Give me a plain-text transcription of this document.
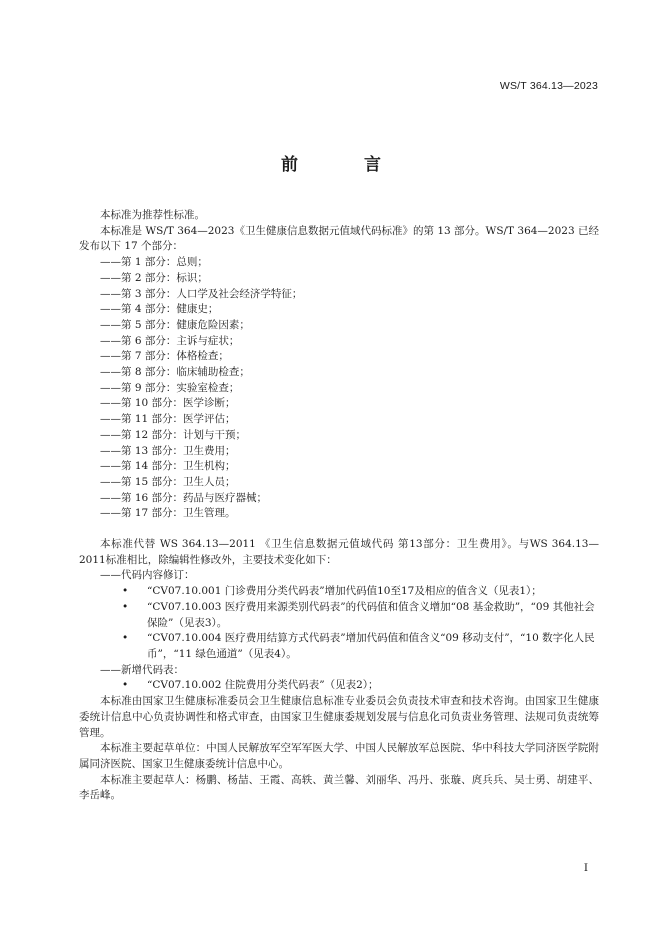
WS/T 364.13—2023
前 言

本标准为推荐性标准。

本标准是 WS/T 364—2023《卫生健康信息数据元值域代码标准》的第 13 部分。WS/T 364—2023 已经发布以下 17 个部分：

——第 1 部分：总则；

——第 2 部分：标识；

——第 3 部分：人口学及社会经济学特征；

——第 4 部分：健康史；

——第 5 部分：健康危险因素；

——第 6 部分：主诉与症状；

——第 7 部分：体格检查；

——第 8 部分：临床辅助检查；

——第 9 部分：实验室检查；

——第 10 部分：医学诊断；

——第 11 部分：医学评估；

——第 12 部分：计划与干预；

——第 13 部分：卫生费用；

——第 14 部分：卫生机构；

——第 15 部分：卫生人员；

——第 16 部分：药品与医疗器械；

——第 17 部分：卫生管理。

本标准代替 WS 364.13—2011 《卫生信息数据元值域代码 第13部分：卫生费用》。与WS 364.13—2011标准相比，除编辑性修改外，主要技术变化如下：

——代码内容修订：

• “CV07.10.001 门诊费用分类代码表”增加代码值10至17及相应的值含义（见表1）；

• “CV07.10.003 医疗费用来源类别代码表”的代码值和值含义增加“08 基金救助”，“09 其他社会保险”（见表3）。

• “CV07.10.004 医疗费用结算方式代码表”增加代码值和值含义“09 移动支付”，“10 数字化人民币”，“11 绿色通道”（见表4）。

——新增代码表：

• “CV07.10.002 住院费用分类代码表”（见表2）；

本标准由国家卫生健康标准委员会卫生健康信息标准专业委员会负责技术审查和技术咨询。由国家卫生健康委统计信息中心负责协调性和格式审查，由国家卫生健康委规划发展与信息化司负责业务管理、法规司负责统筹管理。

本标准主要起草单位：中国人民解放军空军军医大学、中国人民解放军总医院、华中科技大学同济医学院附属同济医院、国家卫生健康委统计信息中心。

本标准主要起草人：杨鹏、杨喆、王霞、高轶、黄兰馨、刘丽华、冯丹、张璇、庹兵兵、吴士勇、胡建平、李岳峰。

I
